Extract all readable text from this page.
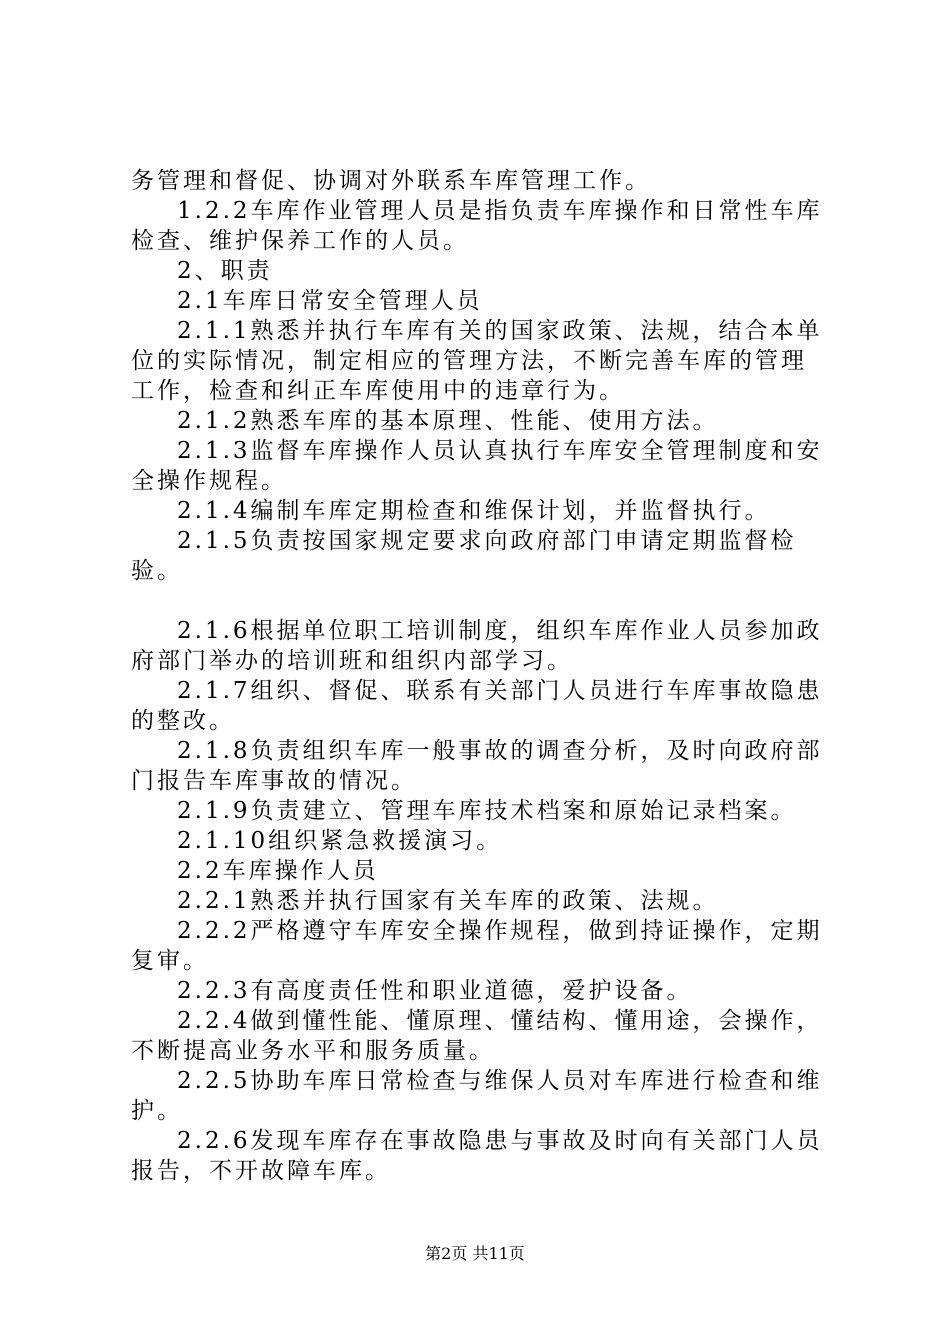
务管理和督促、协调对外联系车库管理工作。

1.2.2车库作业管理人员是指负责车库操作和日常性车库检查、维护保养工作的人员。

2、职责

2.1车库日常安全管理人员

2.1.1熟悉并执行车库有关的国家政策、法规，结合本单位的实际情况，制定相应的管理方法，不断完善车库的管理工作，检查和纠正车库使用中的违章行为。

2.1.2熟悉车库的基本原理、性能、使用方法。

2.1.3监督车库操作人员认真执行车库安全管理制度和安全操作规程。

2.1.4编制车库定期检查和维保计划，并监督执行。

2.1.5负责按国家规定要求向政府部门申请定期监督检验。

2.1.6根据单位职工培训制度，组织车库作业人员参加政府部门举办的培训班和组织内部学习。

2.1.7组织、督促、联系有关部门人员进行车库事故隐患的整改。

2.1.8负责组织车库一般事故的调查分析，及时向政府部门报告车库事故的情况。

2.1.9负责建立、管理车库技术档案和原始记录档案。

2.1.10组织紧急救援演习。

2.2车库操作人员

2.2.1熟悉并执行国家有关车库的政策、法规。

2.2.2严格遵守车库安全操作规程，做到持证操作，定期复审。

2.2.3有高度责任性和职业道德，爱护设备。

2.2.4做到懂性能、懂原理、懂结构、懂用途，会操作，不断提高业务水平和服务质量。

2.2.5协助车库日常检查与维保人员对车库进行检查和维护。

2.2.6发现车库存在事故隐患与事故及时向有关部门人员报告，不开故障车库。

第2页 共11页
